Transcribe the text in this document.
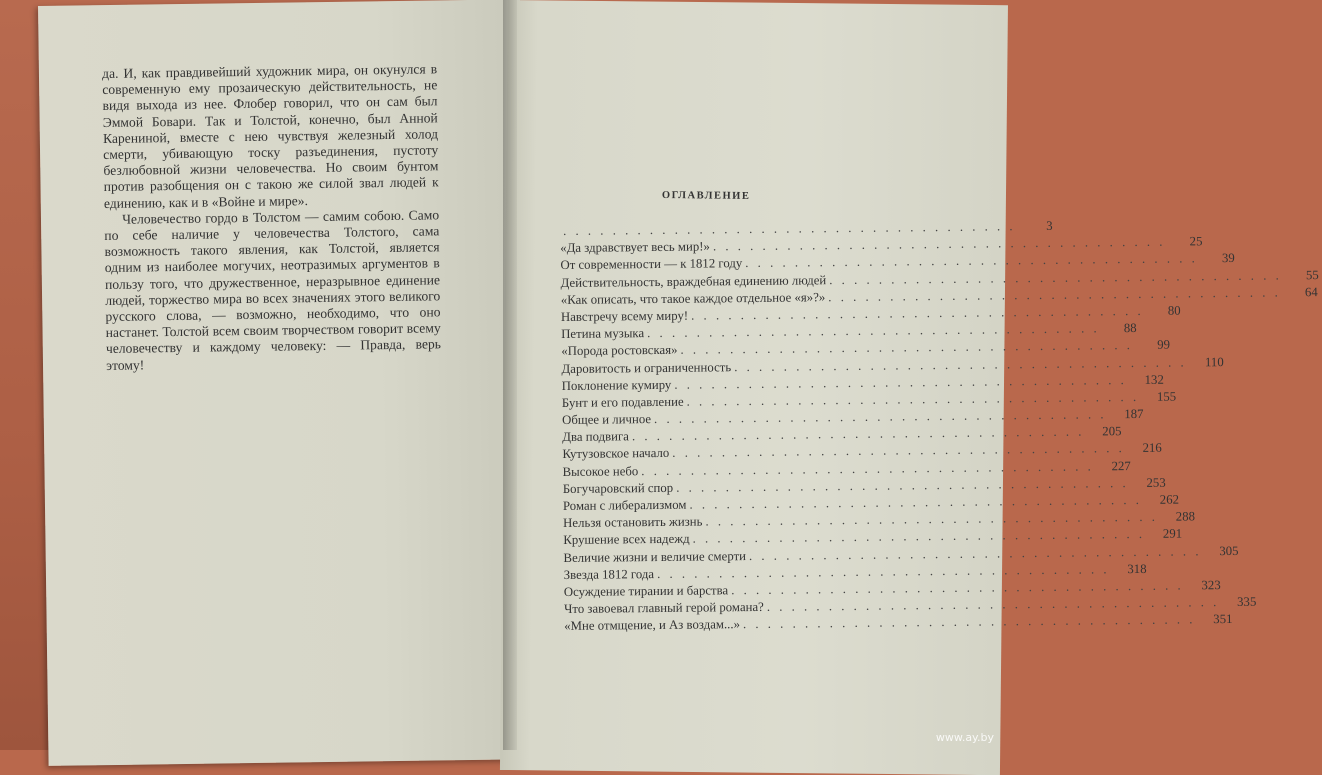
да. И, как правдивейший художник мира, он окунулся в современную ему прозаическую действительность, не видя выхода из нее. Флобер говорил, что он сам был Эммой Бовари. Так и Толстой, конечно, был Анной Карениной, вместе с нею чувствуя железный холод смерти, убивающую тоску разъединения, пустоту безлюбовной жизни человечества. Но своим бунтом против разобщения он с такою же силой звал людей к единению, как и в «Войне и мире».

Человечество гордо в Толстом — самим собою. Само по себе наличие у человечества Толстого, сама возможность такого явления, как Толстой, является одним из наиболее могучих, неотразимых аргументов в пользу того, что дружественное, неразрывное единение людей, торжество мира во всех значениях этого великого русского слова, — возможно, необходимо, что оно настанет. Толстой всем своим творчеством говорит всему человечеству и каждому человеку: — Правда, верь этому!

ОГЛАВЛЕНИЕ
. . . . . . . . . . . . . . . . . . . . . . . . . . . . . . . . . . . . .	3
«Да здравствует весь мир!» . . . . . . . . . . . . . . . . . . . . . . . . . . . . . . . . . . . . .	25
От современности — к 1812 году . . . . . . . . . . . . . . . . . . . . . . . . . . . . . . . . . . . . .	39
Действительность, враждебная единению людей . . . . . . . . . . . . . . . . . . . . . . . . . . . . . . . . . . . . .	55
«Как описать, что такое каждое отдельное «я»?» . . . . . . . . . . . . . . . . . . . . . . . . . . . . . . . . . . . . .	64
Навстречу всему миру! . . . . . . . . . . . . . . . . . . . . . . . . . . . . . . . . . . . . .	80
Петина музыка . . . . . . . . . . . . . . . . . . . . . . . . . . . . . . . . . . . . .	88
«Порода ростовская» . . . . . . . . . . . . . . . . . . . . . . . . . . . . . . . . . . . . .	99
Даровитость и ограниченность . . . . . . . . . . . . . . . . . . . . . . . . . . . . . . . . . . . . .	110
Поклонение кумиру . . . . . . . . . . . . . . . . . . . . . . . . . . . . . . . . . . . . .	132
Бунт и его подавление . . . . . . . . . . . . . . . . . . . . . . . . . . . . . . . . . . . . .	155
Общее и личное . . . . . . . . . . . . . . . . . . . . . . . . . . . . . . . . . . . . .	187
Два подвига . . . . . . . . . . . . . . . . . . . . . . . . . . . . . . . . . . . . .	205
Кутузовское начало . . . . . . . . . . . . . . . . . . . . . . . . . . . . . . . . . . . . .	216
Высокое небо . . . . . . . . . . . . . . . . . . . . . . . . . . . . . . . . . . . . .	227
Богучаровский спор . . . . . . . . . . . . . . . . . . . . . . . . . . . . . . . . . . . . .	253
Роман с либерализмом . . . . . . . . . . . . . . . . . . . . . . . . . . . . . . . . . . . . .	262
Нельзя остановить жизнь . . . . . . . . . . . . . . . . . . . . . . . . . . . . . . . . . . . . .	288
Крушение всех надежд . . . . . . . . . . . . . . . . . . . . . . . . . . . . . . . . . . . . .	291
Величие жизни и величие смерти . . . . . . . . . . . . . . . . . . . . . . . . . . . . . . . . . . . . .	305
Звезда 1812 года . . . . . . . . . . . . . . . . . . . . . . . . . . . . . . . . . . . . .	318
Осуждение тирании и барства . . . . . . . . . . . . . . . . . . . . . . . . . . . . . . . . . . . . .	323
Что завоевал главный герой романа? . . . . . . . . . . . . . . . . . . . . . . . . . . . . . . . . . . . . .	335
«Мне отмщение, и Аз воздам...» . . . . . . . . . . . . . . . . . . . . . . . . . . . . . . . . . . . . .	351
www.ay.by
